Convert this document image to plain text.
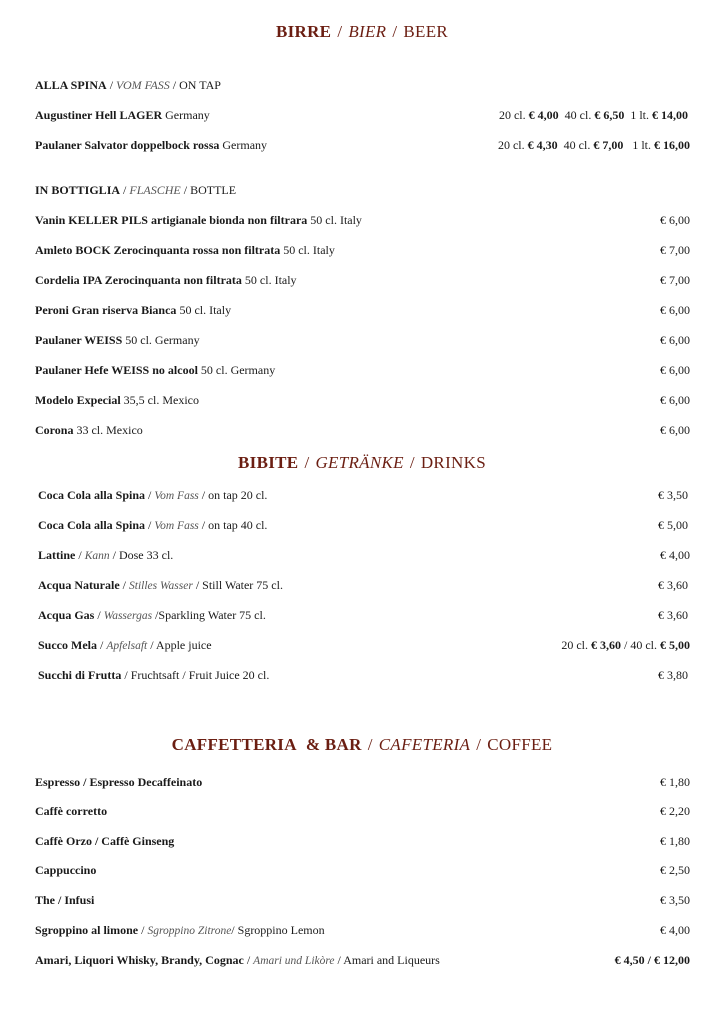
BIRRE / BIER / BEER
ALLA SPINA / VOM FASS / ON TAP
Augustiner Hell LAGER Germany	20 cl. € 4,00 40 cl. € 6,50 1 lt. € 14,00
Paulaner Salvator doppelbock rossa Germany	20 cl. € 4,30 40 cl. € 7,00 1 lt. € 16,00
IN BOTTIGLIA / FLASCHE / BOTTLE
Vanin KELLER PILS artigianale bionda non filtrara 50 cl. Italy	€ 6,00
Amleto BOCK Zerocinquanta rossa non filtrata 50 cl. Italy	€ 7,00
Cordelia IPA Zerocinquanta non filtrata 50 cl. Italy	€ 7,00
Peroni Gran riserva Bianca 50 cl. Italy	€ 6,00
Paulaner WEISS 50 cl. Germany	€ 6,00
Paulaner Hefe WEISS no alcool 50 cl. Germany	€ 6,00
Modelo Expecial 35,5 cl. Mexico	€ 6,00
Corona 33 cl. Mexico	€ 6,00
BIBITE / GETRÄNKE / DRINKS
Coca Cola alla Spina / Vom Fass / on tap 20 cl.	€ 3,50
Coca Cola alla Spina / Vom Fass / on tap 40 cl.	€ 5,00
Lattine / Kann / Dose 33 cl.	€ 4,00
Acqua Naturale / Stilles Wasser / Still Water 75 cl.	€ 3,60
Acqua Gas / Wassergas /Sparkling Water 75 cl.	€ 3,60
Succo Mela / Apfelsaft / Apple juice	20 cl. € 3,60 / 40 cl. € 5,00
Succhi di Frutta / Fruchtsaft / Fruit Juice 20 cl.	€ 3,80
CAFFETTERIA & BAR / CAFETERIA / COFFEE
Espresso / Espresso Decaffeinato	€ 1,80
Caffè corretto	€ 2,20
Caffè Orzo / Caffè Ginseng	€ 1,80
Cappuccino	€ 2,50
The / Infusi	€ 3,50
Sgroppino al limone / Sgroppino Zitrone/ Sgroppino Lemon	€ 4,00
Amari, Liquori Whisky, Brandy, Cognac / Amari und Likòre / Amari and Liqueurs	€ 4,50 / € 12,00
